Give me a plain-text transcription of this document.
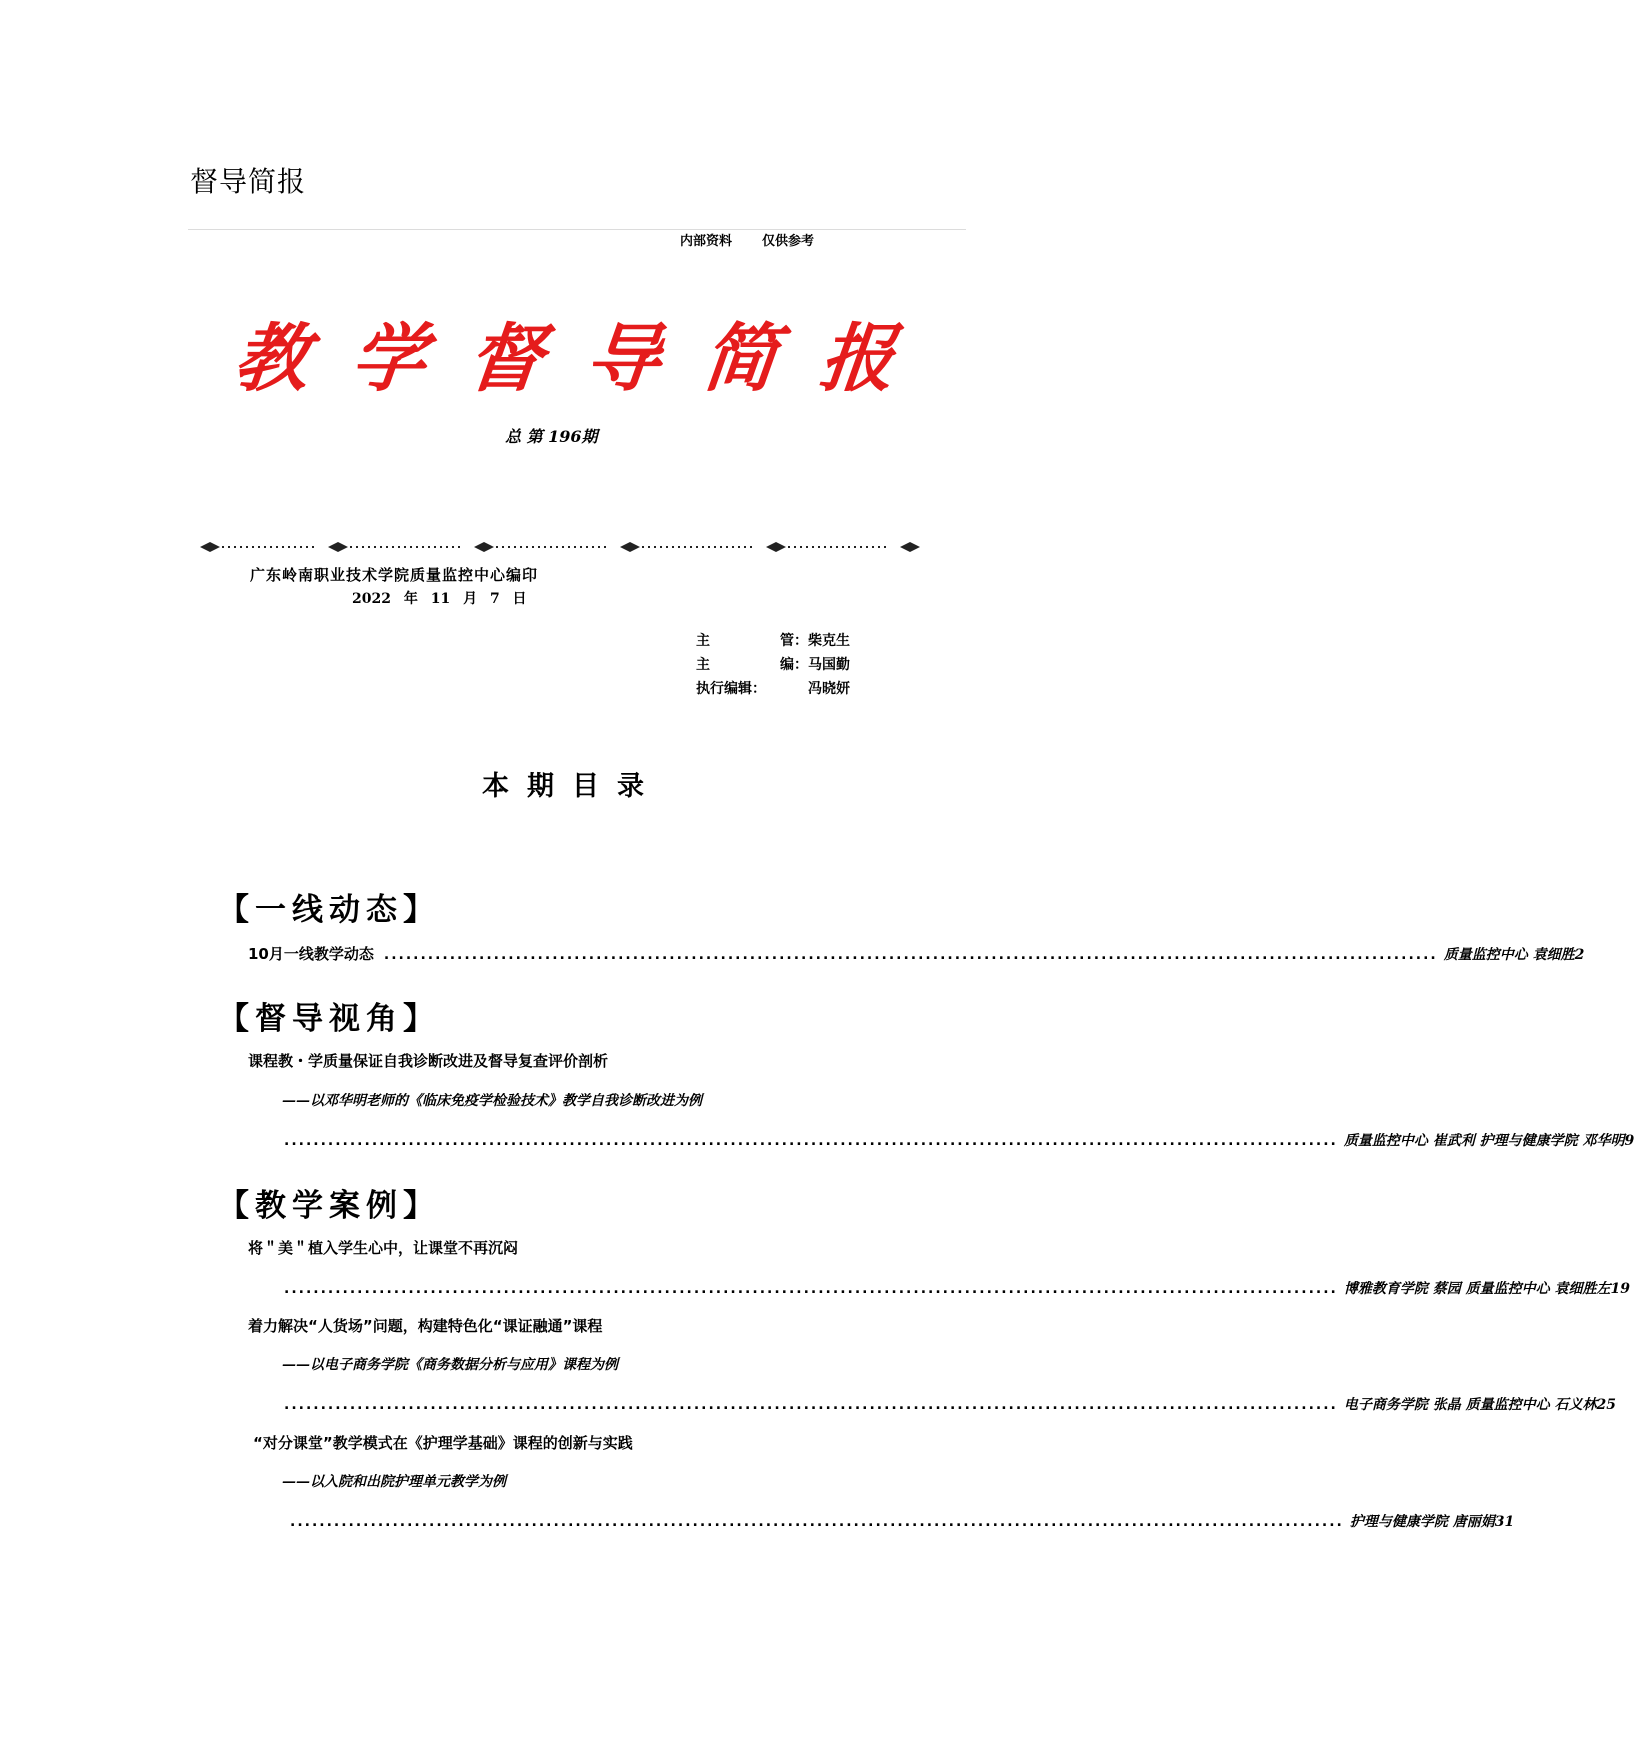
督导简报
内部资料 仅供参考
教 学 督 导 简 报
总 第 196期
广东岭南职业技术学院质量监控中心编印
2022 年 11 月 7 日
主	管： 柴克生
主	编： 马国勤
执行编辑：	冯晓妍
本期目录
【一线动态】
10月一线教学动态 ................................................................................................................................................ 质量监控中心 袁细胜2
【督导视角】
课程教・学质量保证自我诊断改进及督导复查评价剖析
——以邓华明老师的《临床免疫学检验技术》教学自我诊断改进为例
................................................................................................................................................ 质量监控中心 崔武利 护理与健康学院 邓华明9
【教学案例】
将＂美＂植入学生心中，让课堂不再沉闷
................................................................................................................................................ 博雅教育学院 蔡园 质量监控中心 袁细胜左19
着力解决“人货场”问题，构建特色化“课证融通”课程
——以电子商务学院《商务数据分析与应用》课程为例
................................................................................................................................................ 电子商务学院 张晶 质量监控中心 石义林25
“对分课堂”教学模式在《护理学基础》课程的创新与实践
——以入院和出院护理单元教学为例
................................................................................................................................................ 护理与健康学院 唐丽娟31
